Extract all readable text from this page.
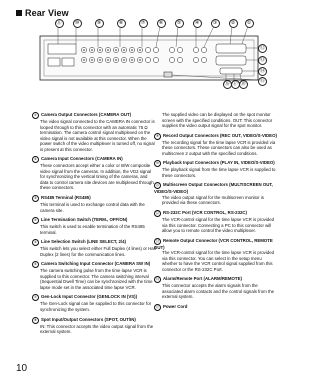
Rear View
⑪	⑩	⑨	⑧	⑦	⑥	⑤	④	③	②	①
⑫
⑬
⑭
⑮
⑯ ⑰ ⑱
① Camera Output Connectors (CAMERA OUT)
The video signal connected to the CAMERA IN connector is looped through to this connector with an automatic 75 Ω termination. The camera control signal multiplexed on the video signal is not available at this connector. When the power switch of the video multiplexer is turned off, no signal is present at this connector.
② Camera Input Connectors (CAMERA IN)
These connectors accept either a color or B/W composite video signal from the cameras. In addition, the VD2 signal for synchronizing the vertical timing of the cameras, and data to control camera site devices are multiplexed through these connectors.
③ RS485 Terminal (RS485)
This terminal is used to exchange control data with the camera site.
④ Line Termination Switch (TERM., OFF/ON)
This switch is used to enable termination of the RS485 terminal.
⑤ Line Selection Switch (LINE SELECT, 2/4)
This switch lets you select either Full Duplex (4 lines) or Half Duplex (2 lines) for the communication lines.
⑥ Camera Switching Input Connector (CAMERA SW IN)
The camera switching pulse from the time lapse VCR is supplied to this connector. The camera switching interval (Sequential Dwell Time) can be synchronized with the time lapse mode set in the associated time lapse VCR.
⑦ Gen-Lock Input Connector (GENLOCK IN (VS))
The Gen-Lock signal can be supplied to this connector for synchronizing the system.
⑧ Spot Input/Output Connectors (SPOT, OUT/IN)
IN: This connector accepts the video output signal from the external system.
The supplied video can be displayed on the spot monitor screen with the specified conditions. OUT: This connector supplies the video output signal for the spot monitor.
⑨ Record Output Connectors (REC OUT, VIDEO/S-VIDEO)
The recording signal for the time lapse VCR is provided via these connectors. These connectors can also be used as multiscreen 2 output with the specified conditions.
⑩ Playback Input Connectors (PLAY IN, VIDEO/S-VIDEO)
The playback signal from the time lapse VCR is supplied to these connectors.
⑪ Multiscreen Output Connectors (MULTISCREEN OUT, VIDEO/S-VIDEO)
The video output signal for the multiscreen monitor is provided via these connectors.
⑫ RS-232C Port (VCR CONTROL, RS-232C)
The VCR-control signal for the time lapse VCR is provided via this connector. Connecting a PC to this connector will allow you to remote control the video multiplexer.
⑬ Remote Output Connector (VCR CONTROL, REMOTE OUT)
The VCR-control signal for the time lapse VCR is provided via this connector. You can select in the setup menu whether to have the VCR control signal supplied from this connector or the RS-232C Port.
⑭ Alarm/Remote Port (ALARM/REMOTE)
This connector accepts the alarm signals from the associated alarm contacts and the control signals from the external system.
⑮ Power Cord
10
